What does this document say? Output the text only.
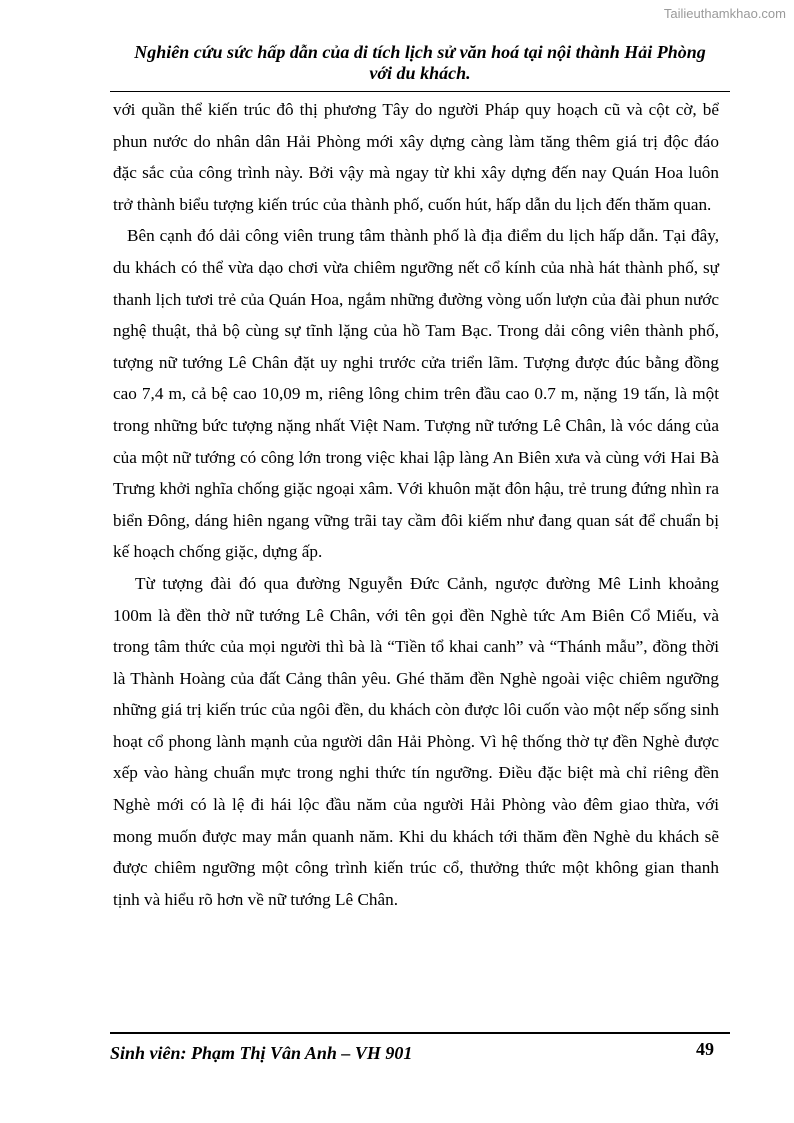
Tailieuthamkhao.com
Nghiên cứu sức hấp dẫn của di tích lịch sử văn hoá tại nội thành Hải Phòng
với du khách.

với quần thể kiến trúc đô thị phương Tây do người Pháp quy hoạch cũ và cột cờ, bể phun nước do nhân dân Hải Phòng mới xây dựng càng làm tăng thêm giá trị độc đáo đặc sắc của công trình này. Bởi vậy mà ngay từ khi xây dựng đến nay Quán Hoa luôn trở thành biểu tượng kiến trúc của thành phố, cuốn hút, hấp dẫn du lịch đến thăm quan.

Bên cạnh đó dải công viên trung tâm thành phố là địa điểm du lịch hấp dẫn. Tại đây, du khách có thể vừa dạo chơi vừa chiêm ngưỡng nết cổ kính của nhà hát thành phố, sự thanh lịch tươi trẻ của Quán Hoa, ngắm những đường vòng uốn lượn của đài phun nước nghệ thuật, thả bộ cùng sự tĩnh lặng của hồ Tam Bạc. Trong dải công viên thành phố, tượng nữ tướng Lê Chân đặt uy nghi trước cửa triển lãm. Tượng được đúc bằng đồng cao 7,4 m, cả bệ cao 10,09 m, riêng lông chim trên đầu cao 0.7 m, nặng 19 tấn, là một trong những bức tượng nặng nhất Việt Nam. Tượng nữ tướng Lê Chân, là vóc dáng của của một nữ tướng có công lớn trong việc khai lập làng An Biên xưa và cùng với Hai Bà Trưng khởi nghĩa chống giặc ngoại xâm. Với khuôn mặt đôn hậu, trẻ trung đứng nhìn ra biển Đông, dáng hiên ngang vững trãi tay cầm đôi kiếm như đang quan sát để chuẩn bị kế hoạch chống giặc, dựng ấp.

Từ tượng đài đó qua đường Nguyễn Đức Cảnh, ngược đường Mê Linh khoảng 100m là đền thờ nữ tướng Lê Chân, với tên gọi đền Nghè tức Am Biên Cổ Miếu, và trong tâm thức của mọi người thì bà là “Tiền tổ khai canh” và “Thánh mẫu”, đồng thời là Thành Hoàng của đất Cảng thân yêu. Ghé thăm đền Nghè ngoài việc chiêm ngưỡng những giá trị kiến trúc của ngôi đền, du khách còn được lôi cuốn vào một nếp sống sinh hoạt cổ phong lành mạnh của người dân Hải Phòng. Vì hệ thống thờ tự đền Nghè được xếp vào hàng chuẩn mực trong nghi thức tín ngưỡng. Điều đặc biệt mà chỉ riêng đền Nghè mới có là lệ đi hái lộc đầu năm của người Hải Phòng vào đêm giao thừa, với mong muốn được may mắn quanh năm. Khi du khách tới thăm đền Nghè du khách sẽ được chiêm ngưỡng một công trình kiến trúc cổ, thưởng thức một không gian thanh tịnh và hiểu rõ hơn về nữ tướng Lê Chân.

Sinh viên: Phạm Thị Vân Anh – VH 901	49
